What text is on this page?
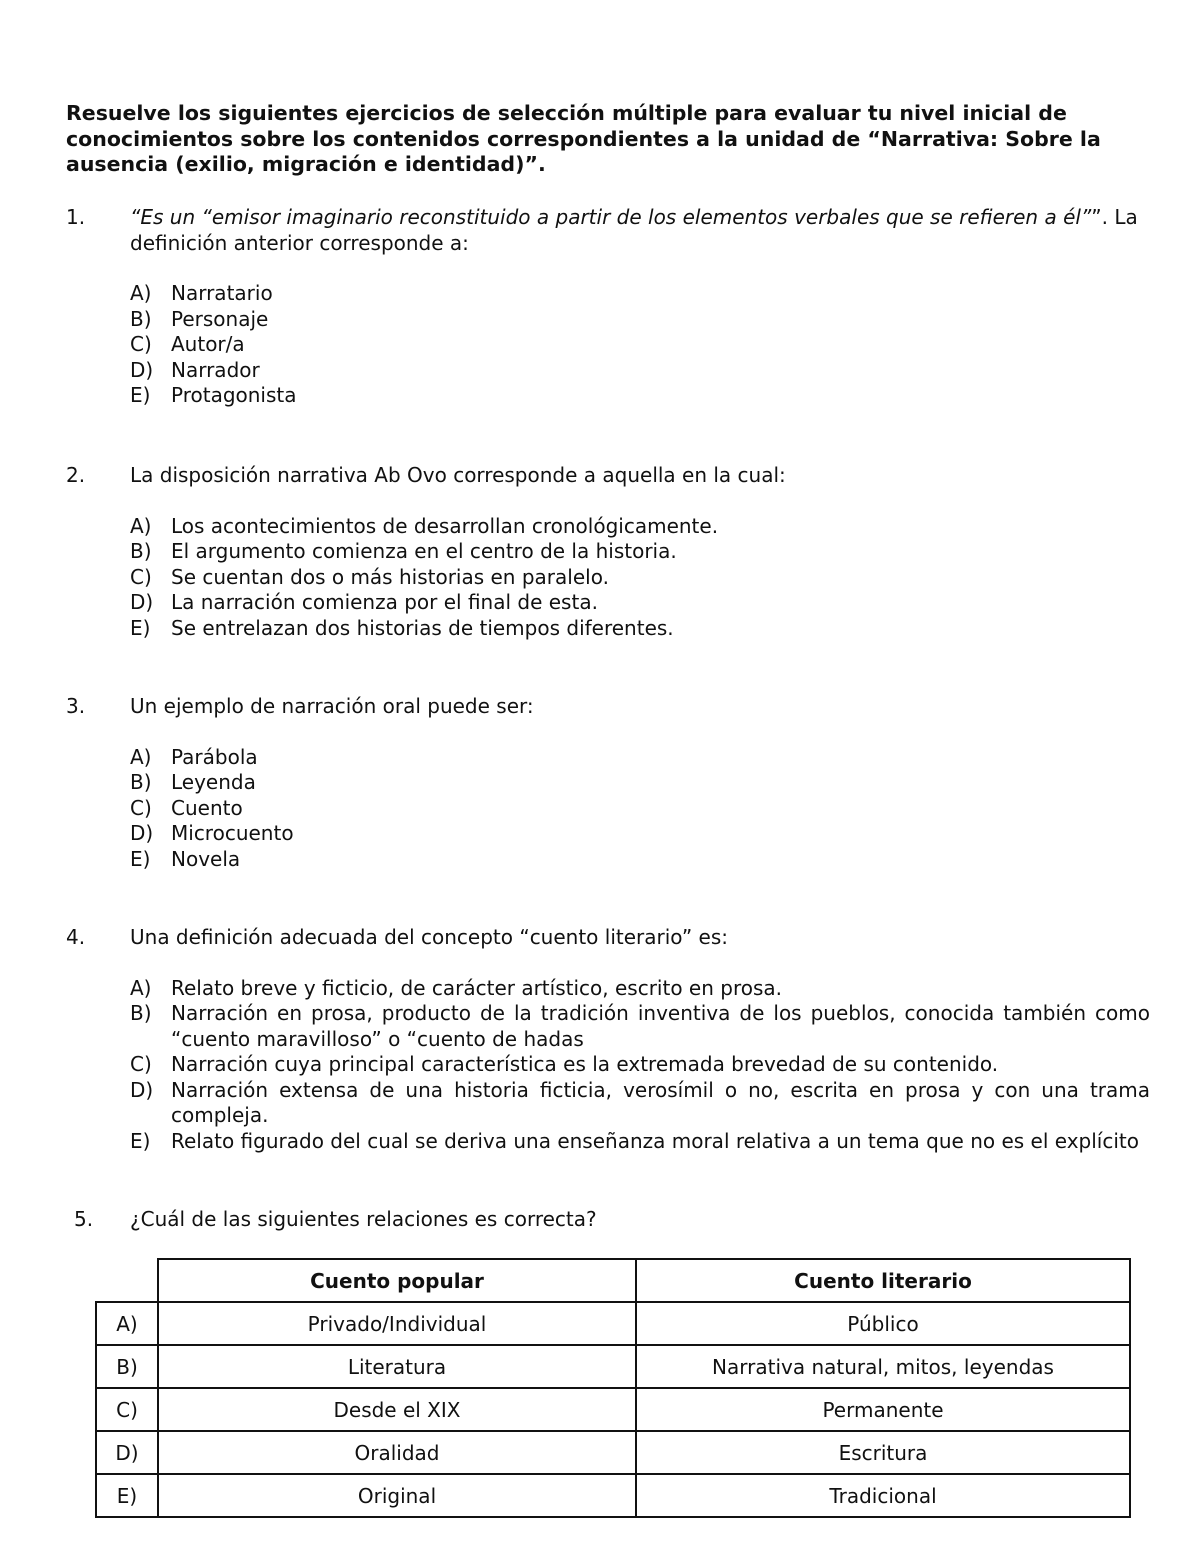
Resuelve los siguientes ejercicios de selección múltiple para evaluar tu nivel inicial de conocimientos sobre los contenidos correspondientes a la unidad de “Narrativa: Sobre la ausencia (exilio, migración e identidad)”.

1.	“Es un “emisor imaginario reconstituido a partir de los elementos verbales que se refieren a él””. La definición anterior corresponde a:
A) Narratario
B) Personaje
C) Autor/a
D) Narrador
E)	Protagonista
2.	La disposición narrativa Ab Ovo corresponde a aquella en la cual:
A) Los acontecimientos de desarrollan cronológicamente.
B) El argumento comienza en el centro de la historia.
C) Se cuentan dos o más historias en paralelo.
D) La narración comienza por el final de esta.
E)	Se entrelazan dos historias de tiempos diferentes.
3.	Un ejemplo de narración oral puede ser:
A) Parábola
B) Leyenda
C) Cuento
D) Microcuento
E)	Novela
4.	Una definición adecuada del concepto “cuento literario” es:
A) Relato breve y ficticio, de carácter artístico, escrito en prosa.
B) Narración en prosa, producto de la tradición inventiva de los pueblos, conocida también como “cuento maravilloso” o “cuento de hadas
C) Narración cuya principal característica es la extremada brevedad de su contenido.
D) Narración extensa de una historia ficticia, verosímil o no, escrita en prosa y con una trama compleja.
E)	Relato figurado del cual se deriva una enseñanza moral relativa a un tema que no es el explícito
5.	¿Cuál de las siguientes relaciones es correcta?
	Cuento popular	Cuento literario
A)	Privado/Individual	Público
B)	Literatura	Narrativa natural, mitos, leyendas
C)	Desde el XIX	Permanente
D)	Oralidad	Escritura
E)	Original	Tradicional
